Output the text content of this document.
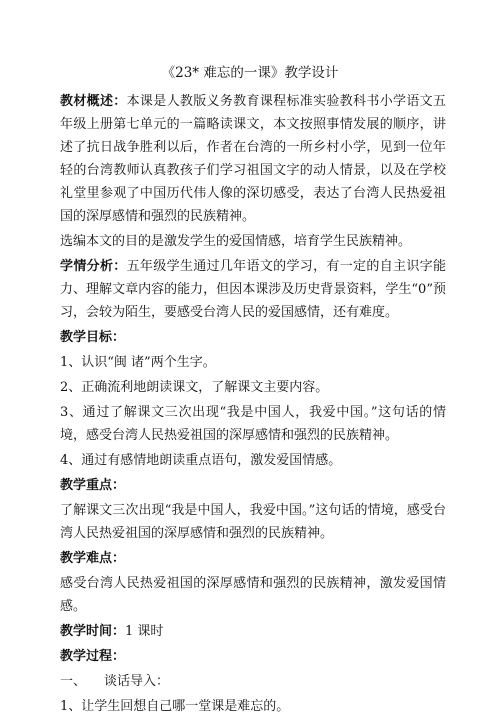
《23* 难忘的一课》教学设计

教材概述：本课是人教版义务教育课程标准实验教科书小学语文五年级上册第七单元的一篇略读课文，本文按照事情发展的顺序，讲述了抗日战争胜利以后，作者在台湾的一所乡村小学，见到一位年轻的台湾教师认真教孩子们学习祖国文字的动人情景，以及在学校礼堂里参观了中国历代伟人像的深切感受，表达了台湾人民热爱祖国的深厚感情和强烈的民族精神。

选编本文的目的是激发学生的爱国情感，培育学生民族精神。

学情分析：五年级学生通过几年语文的学习，有一定的自主识字能力、理解文章内容的能力，但因本课涉及历史背景资料，学生“0”预习，会较为陌生，要感受台湾人民的爱国感情，还有难度。

教学目标：

1、认识“闽 诸”两个生字。

2、正确流利地朗读课文，了解课文主要内容。

3、通过了解课文三次出现“我是中国人，我爱中国。”这句话的情境，感受台湾人民热爱祖国的深厚感情和强烈的民族精神。

4、通过有感情地朗读重点语句，激发爱国情感。

教学重点：

了解课文三次出现“我是中国人，我爱中国。”这句话的情境，感受台湾人民热爱祖国的深厚感情和强烈的民族精神。

教学难点：

感受台湾人民热爱祖国的深厚感情和强烈的民族精神，激发爱国情感。

教学时间：1 课时

教学过程：

一、 谈话导入：

1、让学生回想自己哪一堂课是难忘的。
